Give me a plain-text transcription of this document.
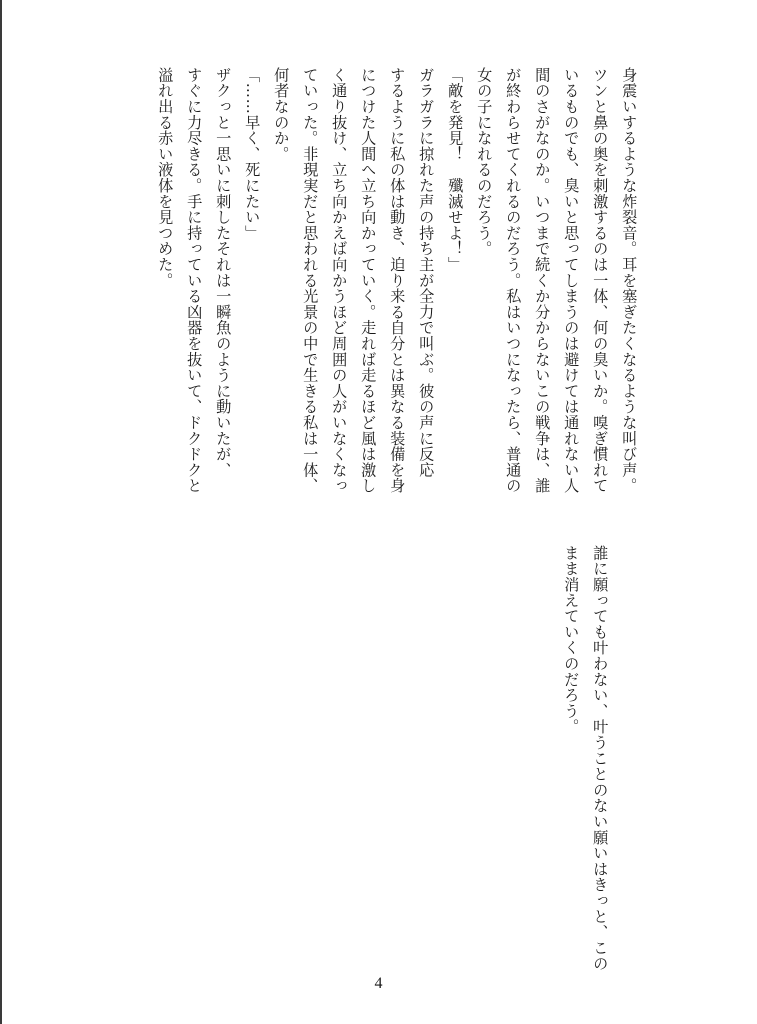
身震いするような炸裂音。耳を塞ぎたくなるような叫び声。
ツンと鼻の奥を刺激するのは一体、何の臭いか。嗅ぎ慣れて
いるものでも、臭いと思ってしまうのは避けては通れない人
間のさがなのか。いつまで続くか分からないこの戦争は、誰
が終わらせてくれるのだろう。私はいつになったら、普通の
女の子になれるのだろう。
「敵を発見！　殲滅せよ！」
ガラガラに掠れた声の持ち主が全力で叫ぶ。彼の声に反応
するように私の体は動き、迫り来る自分とは異なる装備を身
につけた人間へ立ち向かっていく。走れば走るほど風は激し
く通り抜け、立ち向かえば向かうほど周囲の人がいなくなっ
ていった。非現実だと思われる光景の中で生きる私は一体、
何者なのか。
「……早く、死にたい」
ザクっと一思いに刺したそれは一瞬魚のように動いたが、
すぐに力尽きる。手に持っている凶器を抜いて、ドクドクと
溢れ出る赤い液体を見つめた。
誰に願っても叶わない、叶うことのない願いはきっと、この
まま消えていくのだろう。
4
